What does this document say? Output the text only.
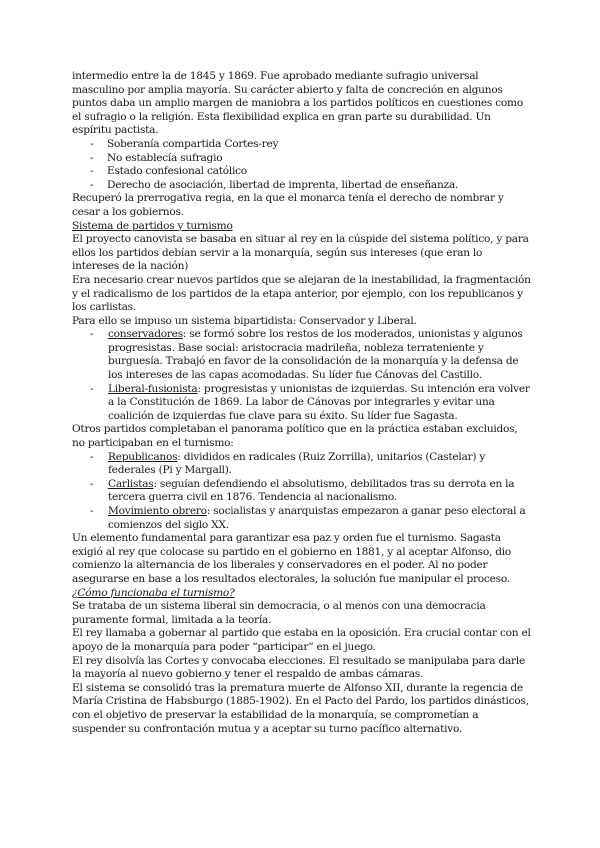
intermedio entre la de 1845 y 1869. Fue aprobado mediante sufragio universal masculino por amplia mayoría. Su carácter abierto y falta de concreción en algunos puntos daba un amplio margen de maniobra a los partidos políticos en cuestiones como el sufragio o la religión. Esta flexibilidad explica en gran parte su durabilidad. Un espíritu pactista.

- Soberanía compartida Cortes-rey
- No establecía sufragio
- Estado confesional católico
- Derecho de asociación, libertad de imprenta, libertad de enseñanza.

Recuperó la prerrogativa regia, en la que el monarca tenía el derecho de nombrar y cesar a los gobiernos.

Sistema de partidos y turnismo

El proyecto canovista se basaba en situar al rey en la cúspide del sistema político, y para ellos los partidos debían servir a la monarquía, según sus intereses (que eran lo intereses de la nación)

Era necesario crear nuevos partidos que se alejaran de la inestabilidad, la fragmentación y el radicalismo de los partidos de la etapa anterior, por ejemplo, con los republicanos y los carlistas.

Para ello se impuso un sistema bipartidista: Conservador y Liberal.

- conservadores: se formó sobre los restos de los moderados, unionistas y algunos progresistas. Base social: aristocracia madrileña, nobleza terrateniente y burguesía. Trabajó en favor de la consolidación de la monarquía y la defensa de los intereses de las capas acomodadas. Su líder fue Cánovas del Castillo.
- Liberal-fusionista: progresistas y unionistas de izquierdas. Su intención era volver a la Constitución de 1869. La labor de Cánovas por integrarles y evitar una coalición de izquierdas fue clave para su éxito. Su líder fue Sagasta.

Otros partidos completaban el panorama político que en la práctica estaban excluidos, no participaban en el turnismo:

- Republicanos: divididos en radicales (Ruiz Zorrilla), unitarios (Castelar) y federales (Pi y Margall).
- Carlistas: seguían defendiendo el absolutismo, debilitados tras su derrota en la tercera guerra civil en 1876. Tendencia al nacionalismo.
- Movimiento obrero: socialistas y anarquistas empezaron a ganar peso electoral a comienzos del siglo XX.

Un elemento fundamental para garantizar esa paz y orden fue el turnismo. Sagasta exigió al rey que colocase su partido en el gobierno en 1881, y al aceptar Alfonso, dio comienzo la alternancia de los liberales y conservadores en el poder. Al no poder asegurarse en base a los resultados electorales, la solución fue manipular el proceso.

¿Cómo funcionaba el turnismo?

Se trataba de un sistema liberal sin democracia, o al menos con una democracia puramente formal, limitada a la teoría.

El rey llamaba a gobernar al partido que estaba en la oposición. Era crucial contar con el apoyo de la monarquía para poder “participar” en el juego.

El rey disolvía las Cortes y convocaba elecciones. El resultado se manipulaba para darle la mayoría al nuevo gobierno y tener el respaldo de ambas cámaras.

El sistema se consolidó tras la prematura muerte de Alfonso XII, durante la regencia de María Cristina de Habsburgo (1885-1902). En el Pacto del Pardo, los partidos dinásticos, con el objetivo de preservar la estabilidad de la monarquía, se comprometían a suspender su confrontación mutua y a aceptar su turno pacífico alternativo.
